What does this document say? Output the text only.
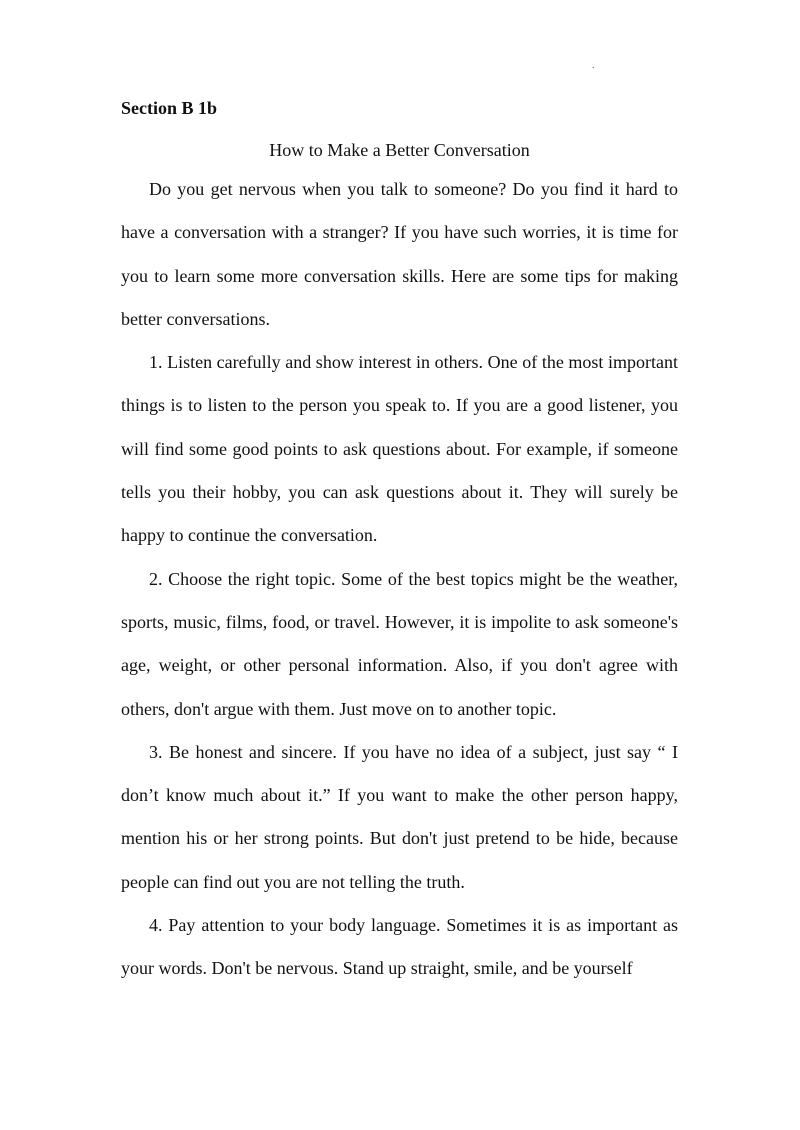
.
Section B 1b
How to Make a Better Conversation

Do you get nervous when you talk to someone? Do you find it hard to have a conversation with a stranger? If you have such worries, it is time for you to learn some more conversation skills. Here are some tips for making better conversations.

1. Listen carefully and show interest in others. One of the most important things is to listen to the person you speak to. If you are a good listener, you will find some good points to ask questions about. For example, if someone tells you their hobby, you can ask questions about it. They will surely be happy to continue the conversation.

2. Choose the right topic. Some of the best topics might be the weather, sports, music, films, food, or travel. However, it is impolite to ask someone's age, weight, or other personal information. Also, if you don't agree with others, don't argue with them. Just move on to another topic.

3. Be honest and sincere. If you have no idea of a subject, just say “ I don’t know much about it.” If you want to make the other person happy, mention his or her strong points. But don't just pretend to be hide, because people can find out you are not telling the truth.

4. Pay attention to your body language. Sometimes it is as important as your words. Don't be nervous. Stand up straight, smile, and be yourself
